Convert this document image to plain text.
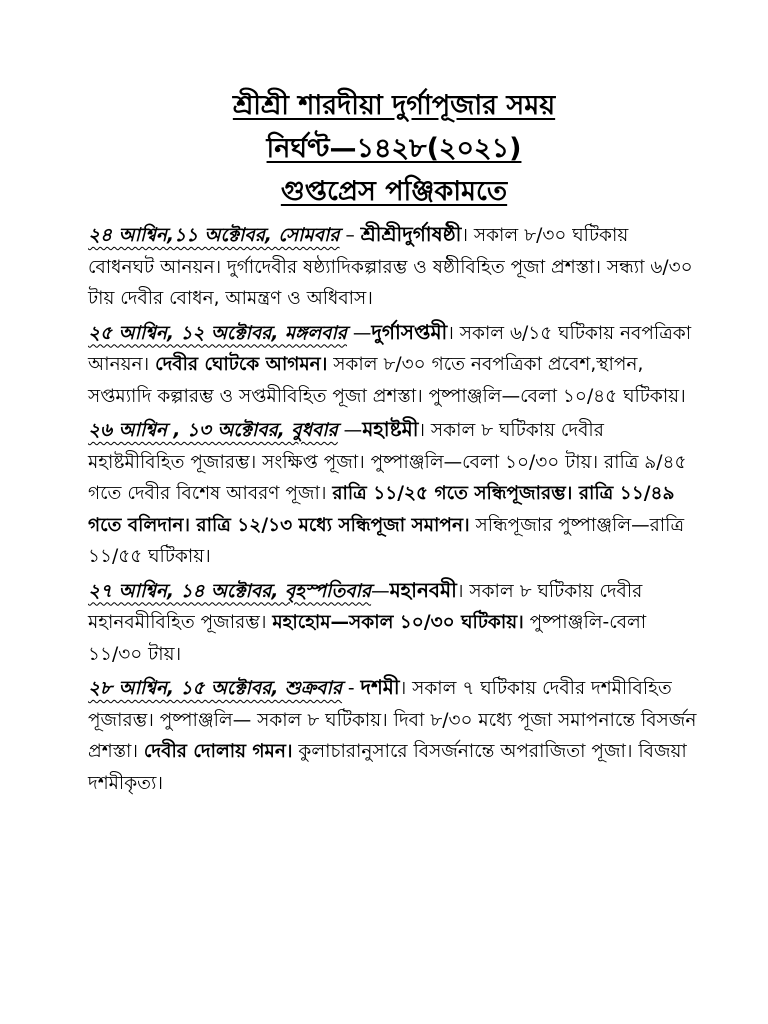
শ্রীশ্রী শারদীয়া দুর্গাপূজার সময়
নির্ঘণ্ট—১৪২৮(২০২১)
গুপ্তপ্রেস পঞ্জিকামতে

২৪ আশ্বিন,১১ অক্টোবর, সোমবার – শ্রীশ্রীদুর্গাষষ্ঠী। সকাল ৮/৩০ ঘটিকায় বোধনঘট আনয়ন। দুর্গাদেবীর ষষ্ঠ্যাদিকল্পারম্ভ ও ষষ্ঠীবিহিত পূজা প্রশস্তা। সন্ধ্যা ৬/৩০ টায় দেবীর বোধন, আমন্ত্রণ ও অধিবাস।

২৫ আশ্বিন, ১২ অক্টোবর, মঙ্গলবার —দুর্গাসপ্তমী। সকাল ৬/১৫ ঘটিকায় নবপত্রিকা আনয়ন। দেবীর ঘোটকে আগমন। সকাল ৮/৩০ গতে নবপত্রিকা প্রবেশ,স্থাপন, সপ্তম্যাদি কল্পারম্ভ ও সপ্তমীবিহিত পূজা প্রশস্তা। পুষ্পাঞ্জলি—বেলা ১০/৪৫ ঘটিকায়।

২৬ আশ্বিন , ১৩ অক্টোবর, বুধবার —মহাষ্টমী। সকাল ৮ ঘটিকায় দেবীর মহাষ্টমীবিহিত পূজারম্ভ। সংক্ষিপ্ত পূজা। পুষ্পাঞ্জলি—বেলা ১০/৩০ টায়। রাত্রি ৯/৪৫ গতে দেবীর বিশেষ আবরণ পূজা। রাত্রি ১১/২৫ গতে সন্ধিপূজারম্ভ। রাত্রি ১১/৪৯ গতে বলিদান। রাত্রি ১২/১৩ মধ্যে সন্ধিপূজা সমাপন। সন্ধিপূজার পুষ্পাঞ্জলি—রাত্রি ১১/৫৫ ঘটিকায়।

২৭ আশ্বিন, ১৪ অক্টোবর, বৃহস্পতিবার—মহানবমী। সকাল ৮ ঘটিকায় দেবীর মহানবমীবিহিত পূজারম্ভ। মহাহোম—সকাল ১০/৩০ ঘটিকায়। পুষ্পাঞ্জলি-বেলা ১১/৩০ টায়।

২৮ আশ্বিন, ১৫ অক্টোবর, শুক্রবার - দশমী। সকাল ৭ ঘটিকায় দেবীর দশমীবিহিত পূজারম্ভ। পুষ্পাঞ্জলি— সকাল ৮ ঘটিকায়। দিবা ৮/৩০ মধ্যে পূজা সমাপনান্তে বিসর্জন প্রশস্তা। দেবীর দোলায় গমন। কুলাচারানুসারে বিসর্জনান্তে অপরাজিতা পূজা। বিজয়া দশমীকৃত্য।
